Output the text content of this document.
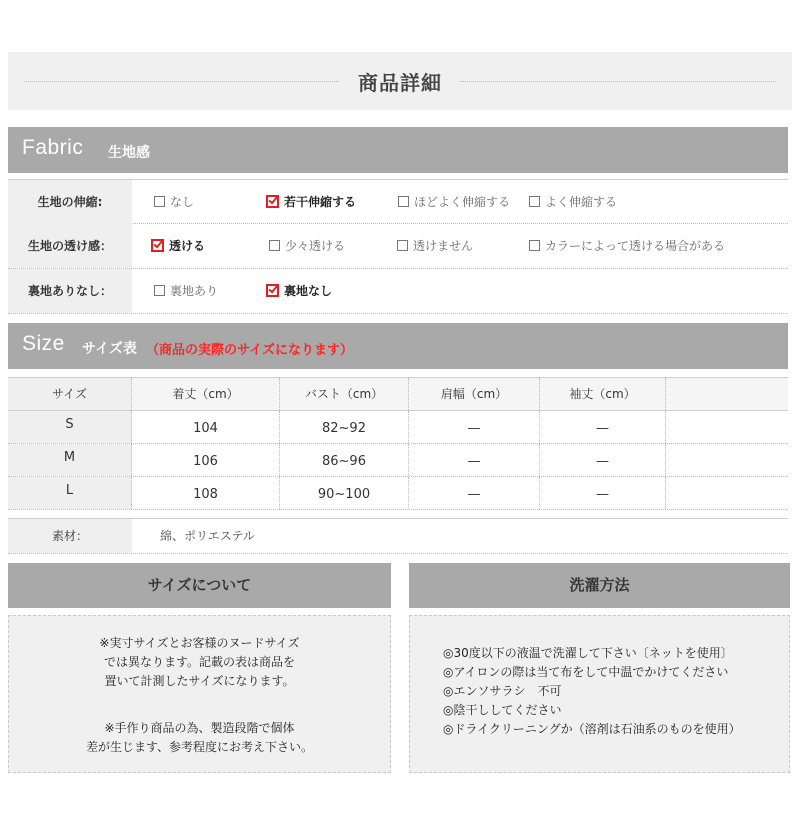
商品詳細
Fabric 生地感
生地の伸縮:	なし	若干伸縮する	ほどよく伸縮する	よく伸縮する
生地の透け感：	透ける	少々透ける	透けません	カラーによって透ける場合がある
裏地ありなし：	裏地あり	裏地なし
Size サイズ表 （商品の実際のサイズになります）
サイズ	着丈（cm）	バスト（cm）	肩幅（cm）	袖丈（cm）
S	104	82~92	—	—
M	106	86~96	—	—
L	108	90~100	—	—
素材：	綿、ポリエステル
サイズについて
※実寸サイズとお客様のヌードサイズ
では異なります。記載の表は商品を
置いて計測したサイズになります。
※手作り商品の為、製造段階で個体
差が生じます、参考程度にお考え下さい。
洗濯方法
◎30度以下の液温で洗濯して下さい〔ネットを使用〕
◎アイロンの際は当て布をして中温でかけてください
◎エンソサラシ　不可
◎陰干ししてください
◎ドライクリーニングか（溶剤は石油系のものを使用）
